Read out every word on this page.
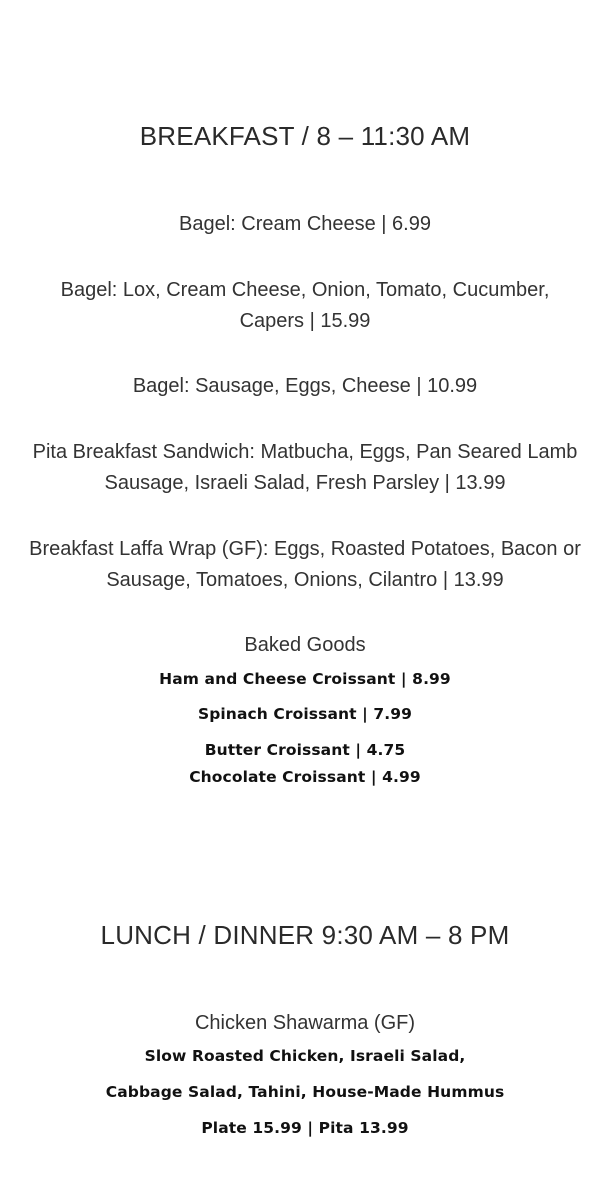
BREAKFAST / 8 – 11:30 AM

Bagel: Cream Cheese | 6.99

Bagel: Lox, Cream Cheese, Onion, Tomato, Cucumber, Capers | 15.99

Bagel: Sausage, Eggs, Cheese | 10.99

Pita Breakfast Sandwich: Matbucha, Eggs, Pan Seared Lamb Sausage, Israeli Salad, Fresh Parsley | 13.99

Breakfast Laffa Wrap (GF): Eggs, Roasted Potatoes, Bacon or Sausage, Tomatoes, Onions, Cilantro | 13.99

Baked Goods

Ham and Cheese Croissant | 8.99

Spinach Croissant | 7.99

Butter Croissant | 4.75

Chocolate Croissant | 4.99

LUNCH / DINNER 9:30 AM – 8 PM

Chicken Shawarma (GF)

Slow Roasted Chicken, Israeli Salad,

Cabbage Salad, Tahini, House-Made Hummus

Plate 15.99 | Pita 13.99
